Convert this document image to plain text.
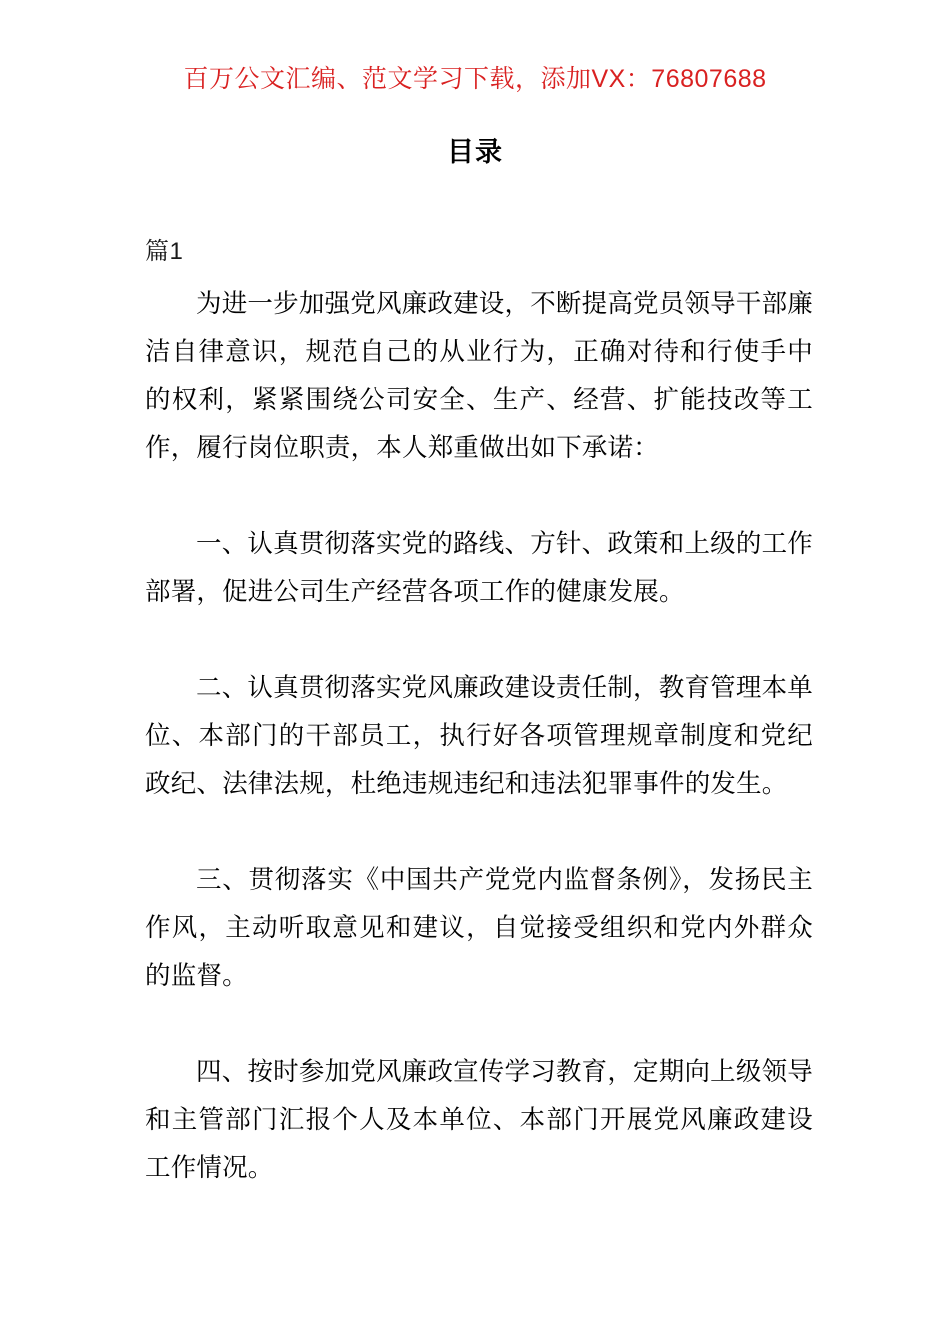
百万公文汇编、范文学习下载，添加VX：76807688
目录
篇1

为进一步加强党风廉政建设，不断提高党员领导干部廉洁自律意识，规范自己的从业行为，正确对待和行使手中的权利，紧紧围绕公司安全、生产、经营、扩能技改等工作，履行岗位职责，本人郑重做出如下承诺：

一、认真贯彻落实党的路线、方针、政策和上级的工作部署，促进公司生产经营各项工作的健康发展。

二、认真贯彻落实党风廉政建设责任制，教育管理本单位、本部门的干部员工，执行好各项管理规章制度和党纪政纪、法律法规，杜绝违规违纪和违法犯罪事件的发生。

三、贯彻落实《中国共产党党内监督条例》，发扬民主作风，主动听取意见和建议，自觉接受组织和党内外群众的监督。

四、按时参加党风廉政宣传学习教育，定期向上级领导和主管部门汇报个人及本单位、本部门开展党风廉政建设工作情况。
